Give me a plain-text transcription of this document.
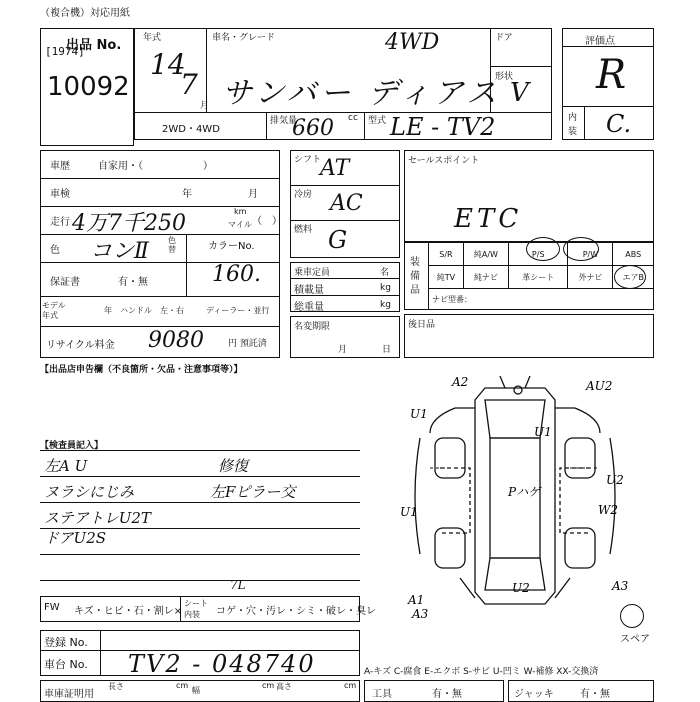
（複合機）対応用紙
出品 No.
[1974]
10092
年式
14
7
月
車名・グレード	4WD
サンバー ディアス
ドア
形状
V
2WD・4WD
排気量
660 cc 型式 LE - TV2
評価点
R
内
装 C.
車歴	自家用・（　　　　　　）
車検	年	月
走行 4万7千250	km
マイル （　）
色 コンⅡ 色替	カラーNo.
160.
保証書	有・無
モデル
年式
年　ハンドル　左・右	ディーラー・並行
リサイクル料金 9080	円 預託済
シフト
AT
冷房 AC
燃料 G
乗車定員	名
積載量	kg
総重量	kg
名変期限
月	日
セールスポイント
ETC
装備品
S/R	純A/W	P/S	P/W	ABS
純TV	純ナビ	革シート	外ナビ	エアB
ナビ型番：
後日品
【出品店申告欄（不良箇所・欠品・注意事項等）】
【検査員記入】
左A U
ヌラシにじみ
ステアトレU2T
ドアU2S
修復
左Fピラー交
A2	AU2
U1
U1
Pハゲ
U2
W2
U1
U2	A3
A1
A3
FW キズ・ヒビ・石・割レ×
シート
内装 コゲ・穴・汚レ・シミ・破レ・臭レ
7L
スペア
登録 No.
車台 No. TV2 - 048740	A-キズ C-腐食 E-エクボ S-サビ U-凹ミ W-補修 XX-交換済
車庫証明用
長さ	cm
幅
cm 高さ	cm
工具	有・無	ジャッキ	有・無
